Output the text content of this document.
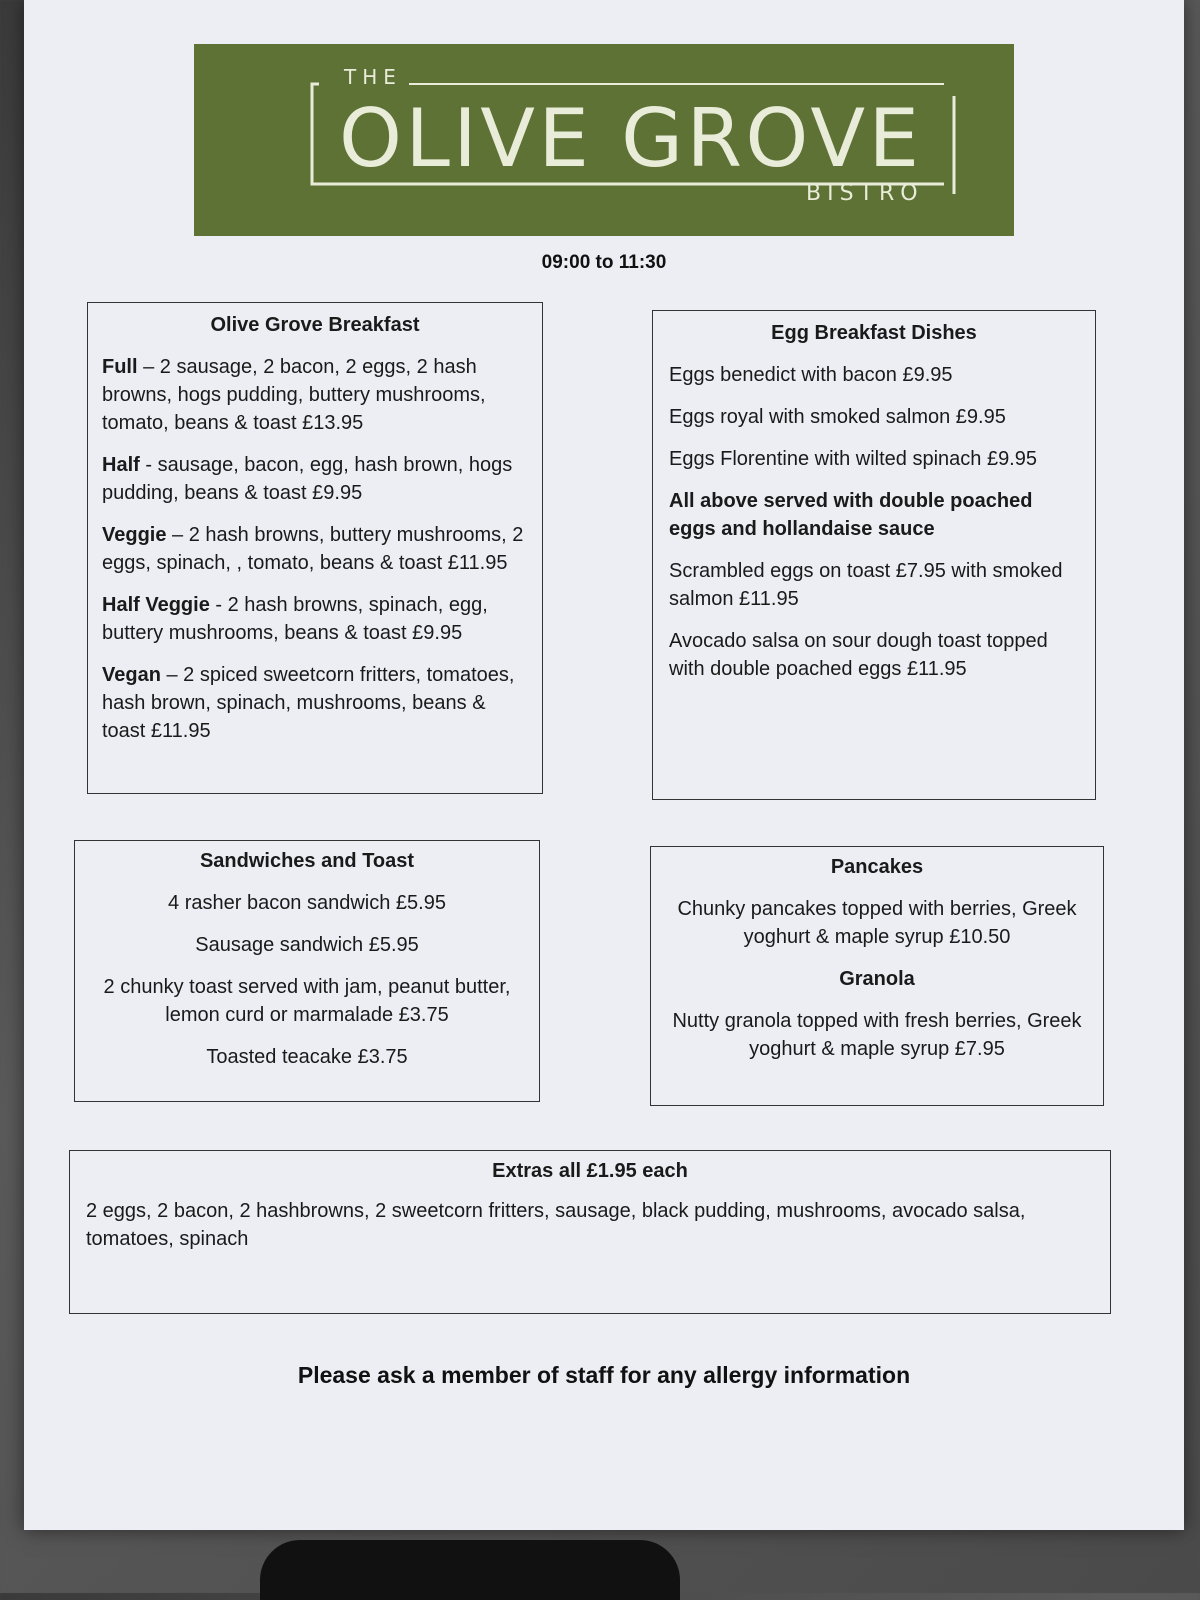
THE
OLIVE GROVE
BISTRO
09:00 to 11:30
Olive Grove Breakfast

Full – 2 sausage, 2 bacon, 2 eggs, 2 hash browns, hogs pudding, buttery mushrooms, tomato, beans & toast £13.95

Half - sausage, bacon, egg, hash brown, hogs pudding, beans & toast £9.95

Veggie – 2 hash browns, buttery mushrooms, 2 eggs, spinach, , tomato, beans & toast £11.95

Half Veggie - 2 hash browns, spinach, egg, buttery mushrooms, beans & toast £9.95

Vegan – 2 spiced sweetcorn fritters, tomatoes, hash brown, spinach, mushrooms, beans & toast £11.95

Egg Breakfast Dishes

Eggs benedict with bacon £9.95

Eggs royal with smoked salmon £9.95

Eggs Florentine with wilted spinach £9.95

All above served with double poached eggs and hollandaise sauce

Scrambled eggs on toast £7.95 with smoked salmon £11.95

Avocado salsa on sour dough toast topped with double poached eggs £11.95

Sandwiches and Toast

4 rasher bacon sandwich £5.95

Sausage sandwich £5.95

2 chunky toast served with jam, peanut butter, lemon curd or marmalade £3.75

Toasted teacake £3.75

Pancakes

Chunky pancakes topped with berries, Greek yoghurt & maple syrup £10.50

Granola

Nutty granola topped with fresh berries, Greek yoghurt & maple syrup £7.95

Extras all £1.95 each

2 eggs, 2 bacon, 2 hashbrowns, 2 sweetcorn fritters, sausage, black pudding, mushrooms, avocado salsa, tomatoes, spinach

Please ask a member of staff for any allergy information
